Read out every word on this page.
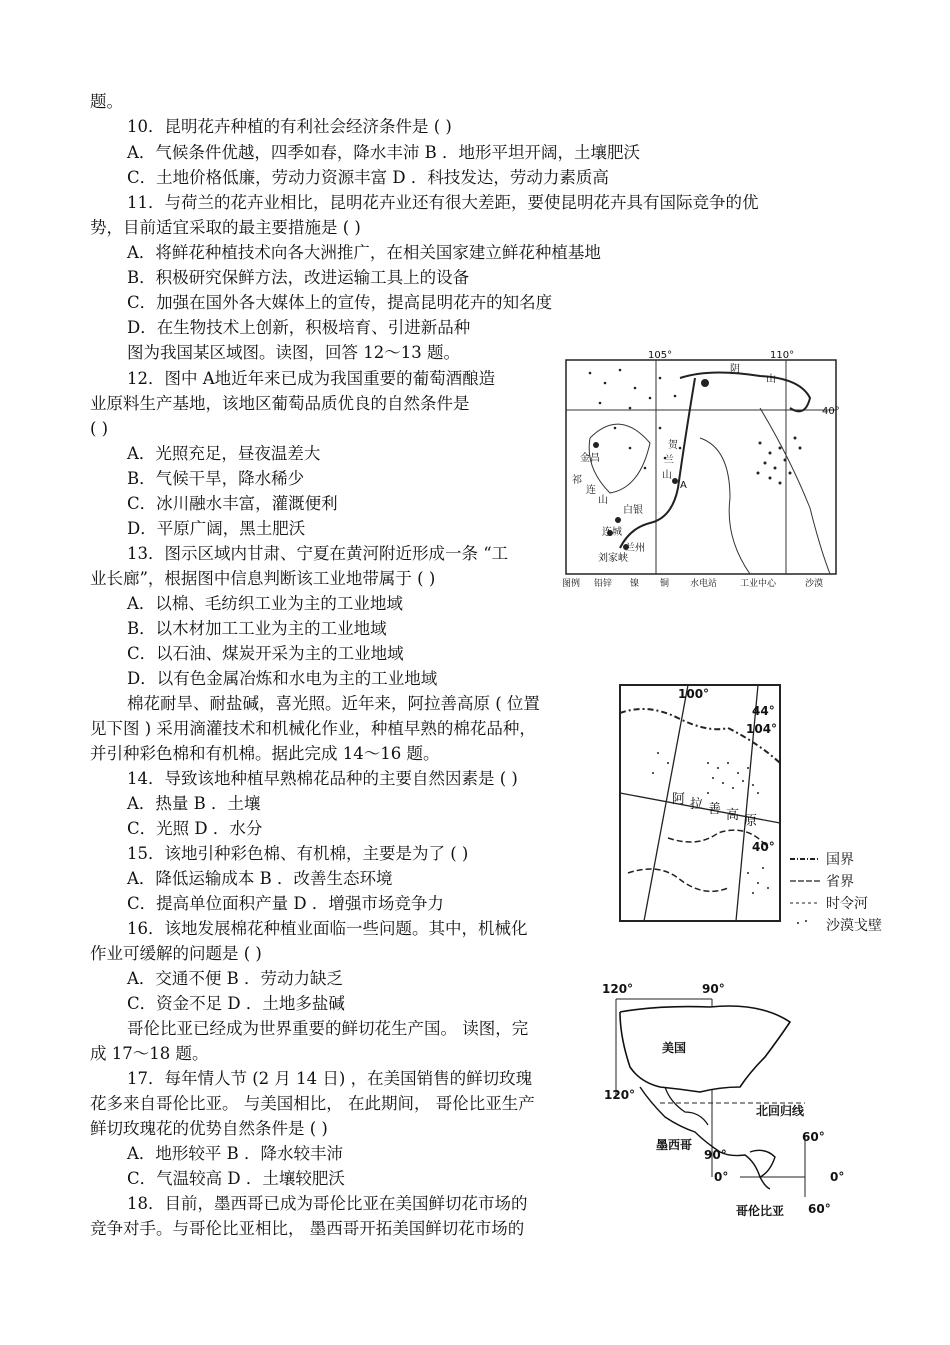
题。
10．昆明花卉种植的有利社会经济条件是 ( )
A．气候条件优越，四季如春，降水丰沛 B ．地形平坦开阔，土壤肥沃
C．土地价格低廉，劳动力资源丰富 D ．科技发达，劳动力素质高
11．与荷兰的花卉业相比，昆明花卉业还有很大差距，要使昆明花卉具有国际竞争的优
势，目前适宜采取的最主要措施是 ( )
A．将鲜花种植技术向各大洲推广，在相关国家建立鲜花种植基地
B．积极研究保鲜方法，改进运输工具上的设备
C．加强在国外各大媒体上的宣传，提高昆明花卉的知名度
D．在生物技术上创新，积极培育、引进新品种
图为我国某区域图。读图，回答 12～13 题。
12．图中 A地近年来已成为我国重要的葡萄酒酿造
业原料生产基地，该地区葡萄品质优良的自然条件是
( )
A．光照充足，昼夜温差大
B．气候干旱，降水稀少
C．冰川融水丰富，灌溉便利
D．平原广阔，黑土肥沃
13．图示区域内甘肃、宁夏在黄河附近形成一条 “工
业长廊”，根据图中信息判断该工业地带属于 ( )
A．以棉、毛纺织工业为主的工业地域
B．以木材加工工业为主的工业地域
C．以石油、煤炭开采为主的工业地域
D．以有色金属冶炼和水电为主的工业地域
棉花耐旱、耐盐碱，喜光照。近年来，阿拉善高原 ( 位置
见下图 ) 采用滴灌技术和机械化作业，种植早熟的棉花品种，
并引种彩色棉和有机棉。据此完成 14～16 题。
14．导致该地种植早熟棉花品种的主要自然因素是 ( )
A．热量 B ．土壤
C．光照 D ．水分
15．该地引种彩色棉、有机棉，主要是为了 ( )
A．降低运输成本 B ．改善生态环境
C．提高单位面积产量 D ．增强市场竞争力
16．该地发展棉花种植业面临一些问题。其中，机械化
作业可缓解的问题是 ( )
A．交通不便 B ．劳动力缺乏
C．资金不足 D ．土地多盐碱
哥伦比亚已经成为世界重要的鲜切花生产国。 读图，完
成 17～18 题。
17．每年情人节 (2 月 14 日) ，在美国销售的鲜切玫瑰
花多来自哥伦比亚。 与美国相比， 在此期间， 哥伦比亚生产
鲜切玫瑰花的优势自然条件是 ( )
A．地形较平 B ．降水较丰沛
C．气温较高 D ．土壤较肥沃
18．目前，墨西哥已成为哥伦比亚在美国鲜切花市场的
竞争对手。与哥伦比亚相比， 墨西哥开拓美国鲜切花市场的
105°	110°
40°
阴
山
贺
兰
山
A
金昌
祁
连
山
白银
连城
兰州
刘家峡
图例 铅锌 镍 铜 水电站	工业中心	沙漠
100°
44°
104°
40°
阿 拉 善 高 原
国界
省界
时令河
沙漠戈壁
120°	90°
美国
120°
北回归线
墨西哥
90°
0°
60°
0°
60°
哥伦比亚
